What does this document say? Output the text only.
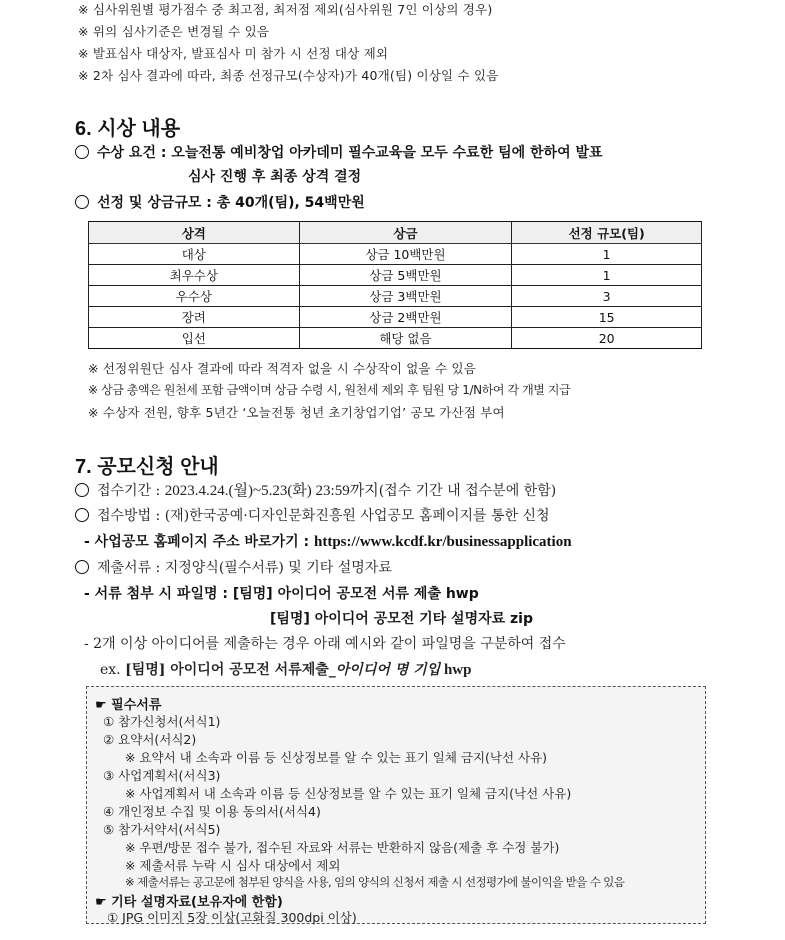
※ 심사위원별 평가점수 중 최고점, 최저점 제외(심사위원 7인 이상의 경우)
※ 위의 심사기준은 변경될 수 있음
※ 발표심사 대상자, 발표심사 미 참가 시 선정 대상 제외
※ 2차 심사 결과에 따라, 최종 선정규모(수상자)가 40개(팀) 이상일 수 있음
6. 시상 내용
수상 요건 : 오늘전통 예비창업 아카데미 필수교육을 모두 수료한 팀에 한하여 발표
심사 진행 후 최종 상격 결정
선정 및 상금규모 : 총 40개(팀), 54백만원
상격	상금	선정 규모(팀)
대상	상금 10백만원	1
최우수상	상금 5백만원	1
우수상	상금 3백만원	3
장려	상금 2백만원	15
입선	해당 없음	20
※ 선정위원단 심사 결과에 따라 적격자 없을 시 수상작이 없을 수 있음
※ 상금 총액은 원천세 포함 금액이며 상금 수령 시, 원천세 제외 후 팀원 당 1/N하여 각 개별 지급
※ 수상자 전원, 향후 5년간 ‘오늘전통 청년 초기창업기업’ 공모 가산점 부여
7. 공모신청 안내
접수기간 : 2023.4.24.(월)~5.23(화) 23:59까지(접수 기간 내 접수분에 한함)
접수방법 : (재)한국공예·디자인문화진흥원 사업공모 홈페이지를 통한 신청
- 사업공모 홈페이지 주소 바로가기 : https://www.kcdf.kr/businessapplication
제출서류 : 지정양식(필수서류) 및 기타 설명자료
- 서류 첨부 시 파일명 : [팀명] 아이디어 공모전 서류 제출 hwp
[팀명] 아이디어 공모전 기타 설명자료 zip
- 2개 이상 아이디어를 제출하는 경우 아래 예시와 같이 파일명을 구분하여 접수
ex. [팀명] 아이디어 공모전 서류제출_아이디어 명 기입 hwp
☛ 필수서류
① 참가신청서(서식1)
② 요약서(서식2)
※ 요약서 내 소속과 이름 등 신상정보를 알 수 있는 표기 일체 금지(낙선 사유)
③ 사업계획서(서식3)
※ 사업계획서 내 소속과 이름 등 신상정보를 알 수 있는 표기 일체 금지(낙선 사유)
④ 개인정보 수집 및 이용 동의서(서식4)
⑤ 참가서약서(서식5)
※ 우편/방문 접수 불가, 접수된 자료와 서류는 반환하지 않음(제출 후 수정 불가)
※ 제출서류 누락 시 심사 대상에서 제외
※ 제출서류는 공고문에 첨부된 양식을 사용, 임의 양식의 신청서 제출 시 선정평가에 불이익을 받을 수 있음
☛ 기타 설명자료(보유자에 한함)
① JPG 이미지 5장 이상(고화질 300dpi 이상)
